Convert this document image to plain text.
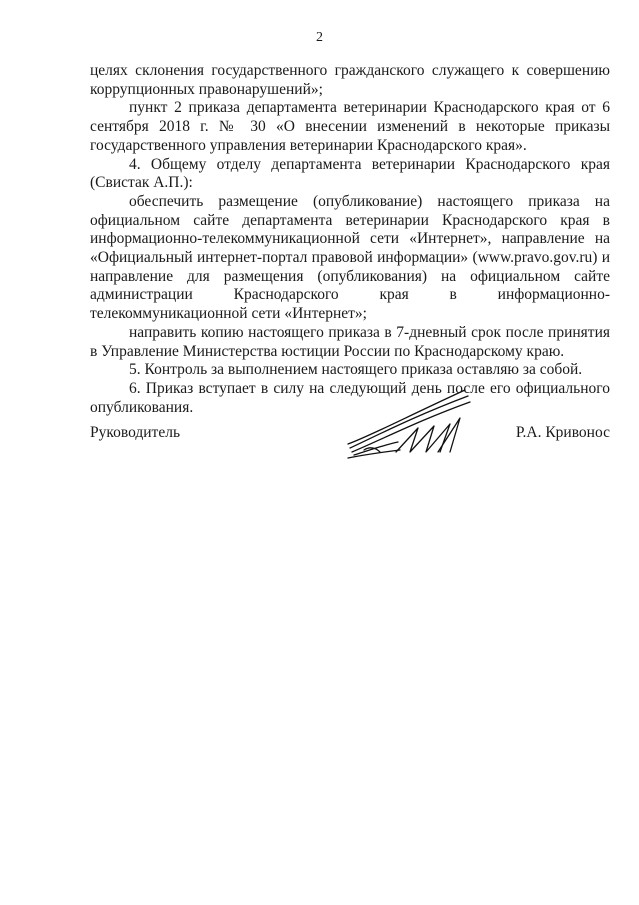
2

целях склонения государственного гражданского служащего к совершению коррупционных правонарушений»;

пункт 2 приказа департамента ветеринарии Краснодарского края от 6 сентября 2018 г. № 30 «О внесении изменений в некоторые приказы государственного управления ветеринарии Краснодарского края».

4. Общему отделу департамента ветеринарии Краснодарского края (Свистак А.П.):

обеспечить размещение (опубликование) настоящего приказа на официальном сайте департамента ветеринарии Краснодарского края в информационно-телекоммуникационной сети «Интернет», направление на «Официальный интернет-портал правовой информации» (www.pravo.gov.ru) и направление для размещения (опубликования) на официальном сайте администрации Краснодарского края в информационно-телекоммуникационной сети «Интернет»;

направить копию настоящего приказа в 7-дневный срок после принятия в Управление Министерства юстиции России по Краснодарскому краю.

5. Контроль за выполнением настоящего приказа оставляю за собой.

6. Приказ вступает в силу на следующий день после его официального опубликования.

Руководитель	Р.А. Кривонос
